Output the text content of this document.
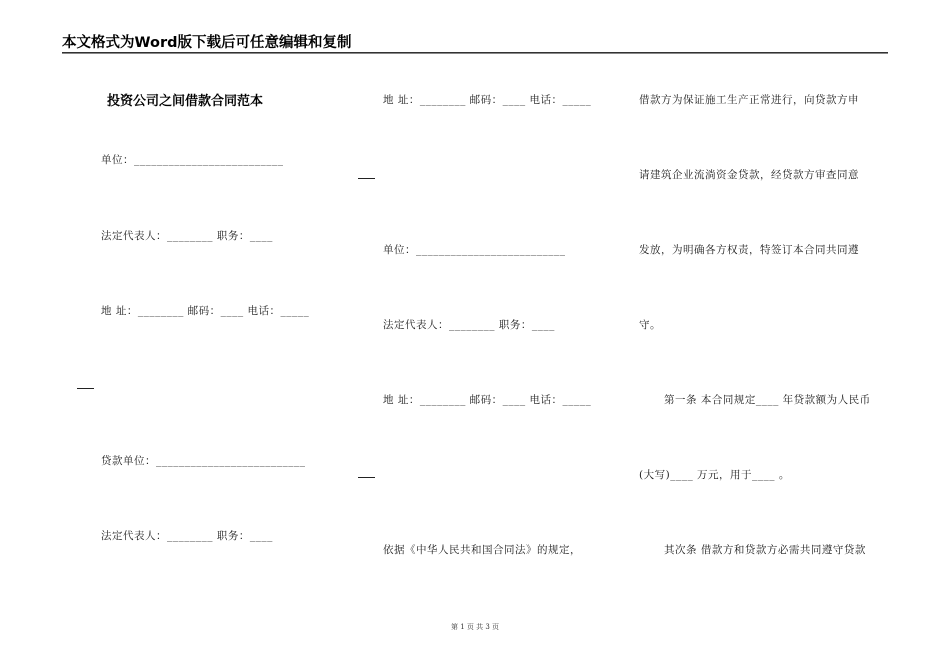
本文格式为Word版下载后可任意编辑和复制
投资公司之间借款合同范本
单位：__________________________
法定代表人：________ 职务：____
地 址：________ 邮码：____ 电话：_____
贷款单位：__________________________
法定代表人：________ 职务：____
地 址：________ 邮码：____ 电话：_____
单位：__________________________
法定代表人：________ 职务：____
地 址：________ 邮码：____ 电话：_____
依据《中华人民共和国合同法》的规定，
借款方为保证施工生产正常进行，向贷款方申
请建筑企业流淌资金贷款，经贷款方审查同意
发放，为明确各方权责，特签订本合同共同遵
守。
第一条 本合同规定____ 年贷款额为人民币
(大写)____ 万元，用于____ 。
其次条 借款方和贷款方必需共同遵守贷款
第 1 页 共 3 页
